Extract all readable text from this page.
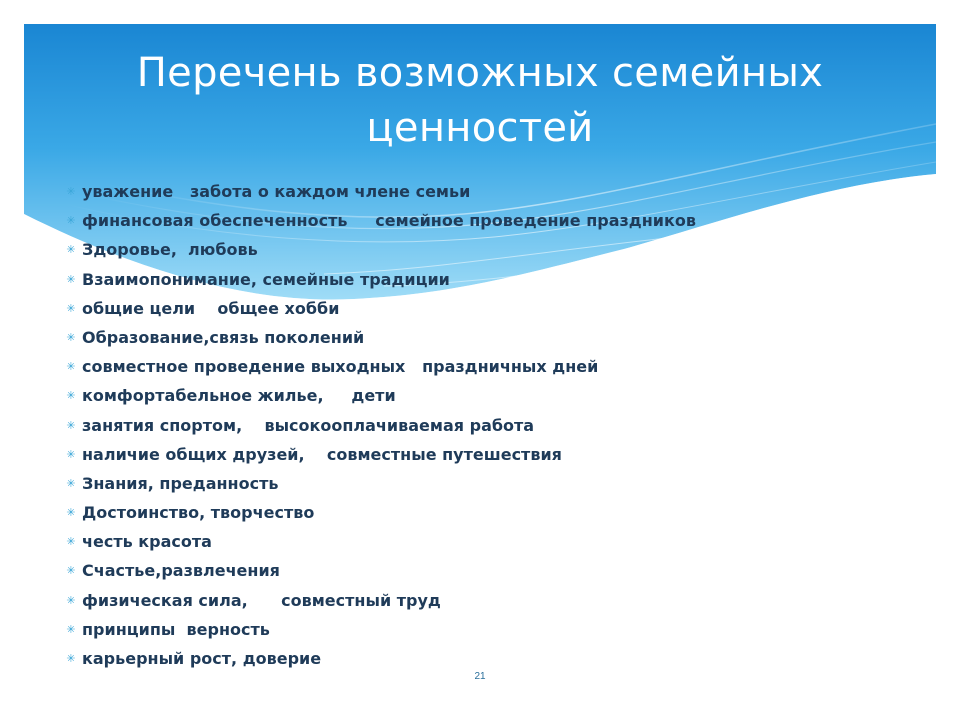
Перечень возможных семейных
ценностей
✳ уважение   забота о каждом члене семьи
✳ финансовая обеспеченность     семейное проведение праздников
✳ Здоровье,  любовь
✳ Взаимопонимание, семейные традиции
✳ общие цели    общее хобби
✳ Образование,связь поколений
✳ совместное проведение выходных   праздничных дней
✳ комфортабельное жилье,     дети
✳ занятия спортом,    высокооплачиваемая работа
✳ наличие общих друзей,    совместные путешествия
✳ Знания, преданность
✳ Достоинство, творчество
✳ честь красота
✳ Счастье,развлечения
✳ физическая сила,      совместный труд
✳ принципы  верность
✳ карьерный рост, доверие
21
